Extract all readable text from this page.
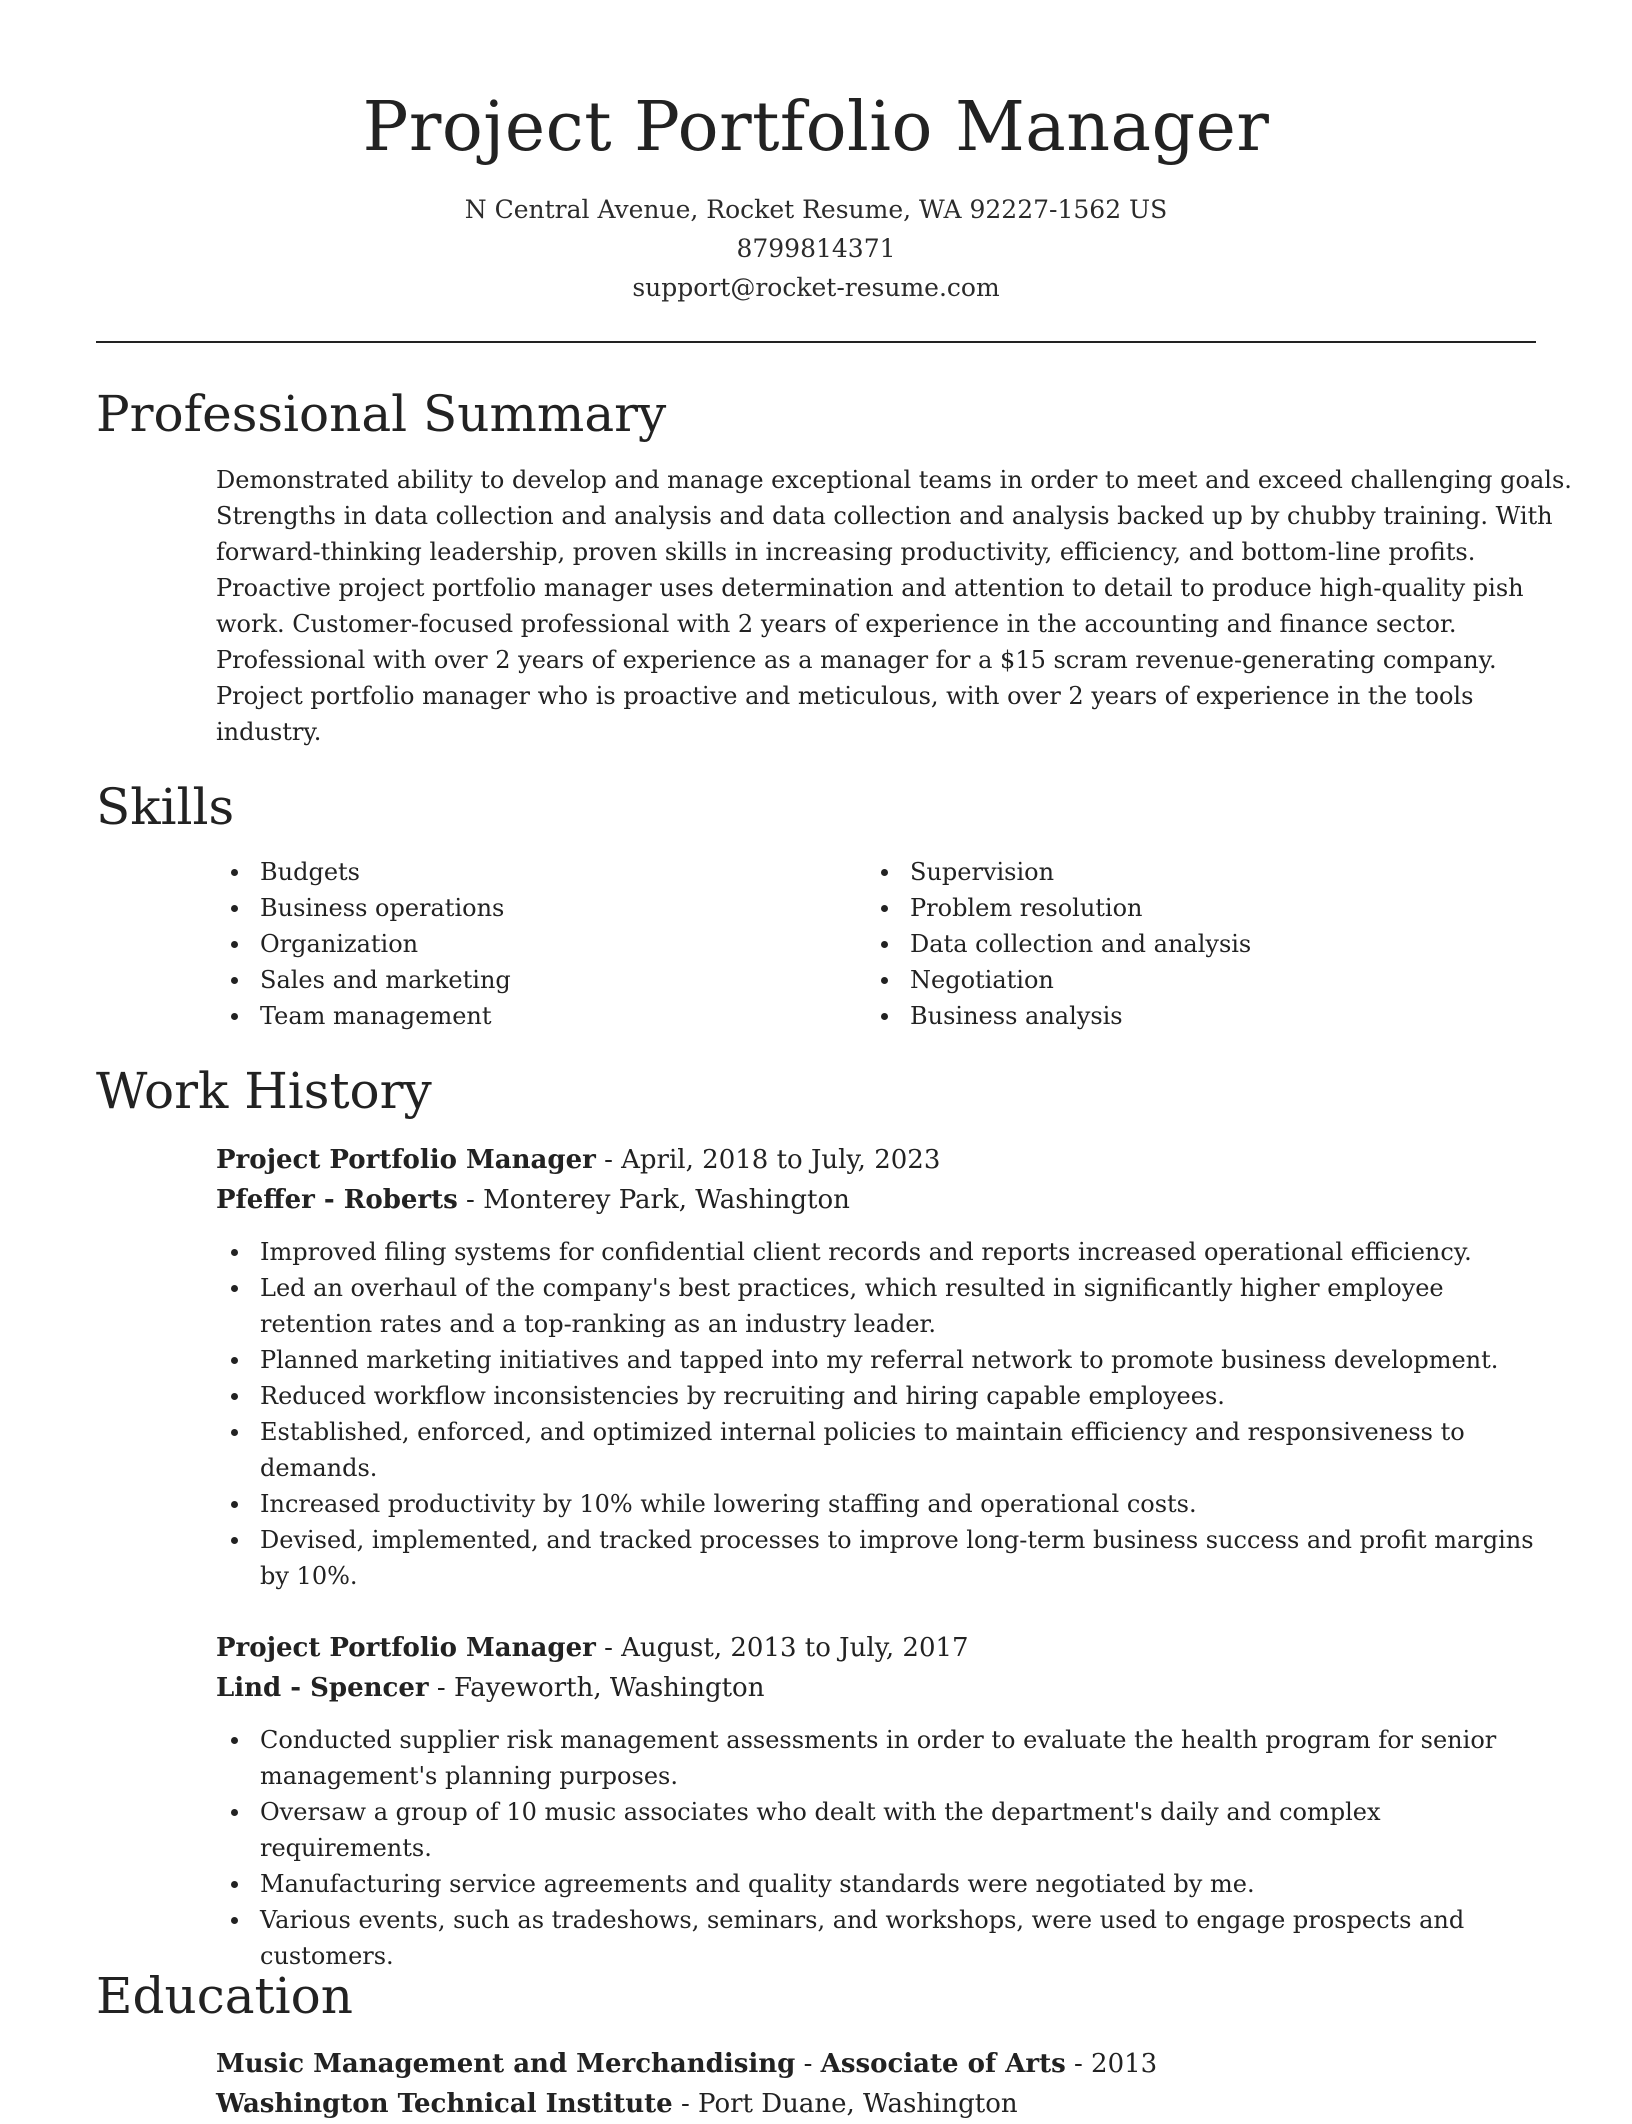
Project Portfolio Manager
N Central Avenue, Rocket Resume, WA 92227-1562 US
8799814371
support@rocket-resume.com
Professional Summary
Demonstrated ability to develop and manage exceptional teams in order to meet and exceed challenging goals.
Strengths in data collection and analysis and data collection and analysis backed up by chubby training. With
forward-thinking leadership, proven skills in increasing productivity, efficiency, and bottom-line profits.
Proactive project portfolio manager uses determination and attention to detail to produce high-quality pish
work. Customer-focused professional with 2 years of experience in the accounting and finance sector.
Professional with over 2 years of experience as a manager for a $15 scram revenue-generating company.
Project portfolio manager who is proactive and meticulous, with over 2 years of experience in the tools
industry.
Skills
Budgets
Business operations
Organization
Sales and marketing
Team management
Supervision
Problem resolution
Data collection and analysis
Negotiation
Business analysis
Work History
Project Portfolio Manager - April, 2018 to July, 2023
Pfeffer - Roberts - Monterey Park, Washington
Improved filing systems for confidential client records and reports increased operational efficiency.
Led an overhaul of the company's best practices, which resulted in significantly higher employee retention rates and a top-ranking as an industry leader.
Planned marketing initiatives and tapped into my referral network to promote business development.
Reduced workflow inconsistencies by recruiting and hiring capable employees.
Established, enforced, and optimized internal policies to maintain efficiency and responsiveness to demands.
Increased productivity by 10% while lowering staffing and operational costs.
Devised, implemented, and tracked processes to improve long-term business success and profit margins by 10%.
Project Portfolio Manager - August, 2013 to July, 2017
Lind - Spencer - Fayeworth, Washington
Conducted supplier risk management assessments in order to evaluate the health program for senior management's planning purposes.
Oversaw a group of 10 music associates who dealt with the department's daily and complex requirements.
Manufacturing service agreements and quality standards were negotiated by me.
Various events, such as tradeshows, seminars, and workshops, were used to engage prospects and customers.
Education
Music Management and Merchandising - Associate of Arts - 2013
Washington Technical Institute - Port Duane, Washington
